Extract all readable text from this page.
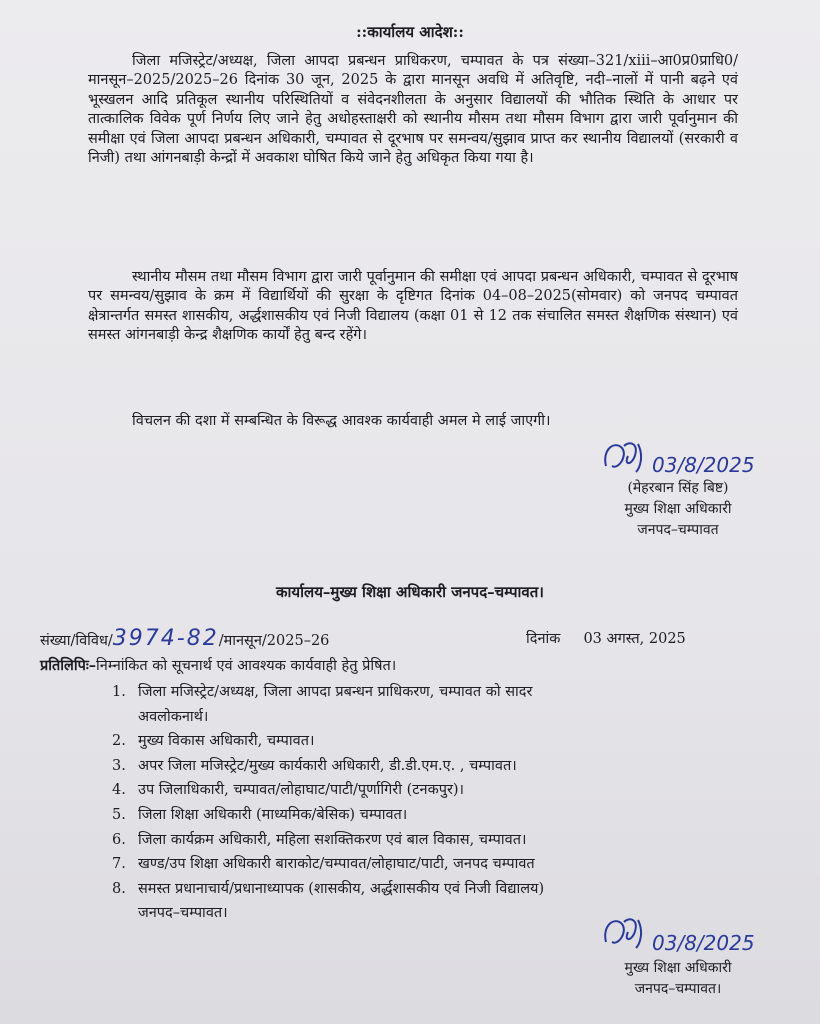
::कार्यालय आदेश::
जिला मजिस्ट्रेट/अध्यक्ष, जिला आपदा प्रबन्धन प्राधिकरण, चम्पावत के पत्र संख्या–321/xiii–आ0प्र0प्राधि0/मानसून–2025/2025–26 दिनांक 30 जून, 2025 के द्वारा मानसून अवधि में अतिवृष्टि, नदी–नालों में पानी बढ़ने एवं भूस्खलन आदि प्रतिकूल स्थानीय परिस्थितियों व संवेदनशीलता के अनुसार विद्यालयों की भौतिक स्थिति के आधार पर तात्कालिक विवेक पूर्ण निर्णय लिए जाने हेतु अधोहस्ताक्षरी को स्थानीय मौसम तथा मौसम विभाग द्वारा जारी पूर्वानुमान की समीक्षा एवं जिला आपदा प्रबन्धन अधिकारी, चम्पावत से दूरभाष पर समन्वय/सुझाव प्राप्त कर स्थानीय विद्यालयों (सरकारी व निजी) तथा आंगनबाड़ी केन्द्रों में अवकाश घोषित किये जाने हेतु अधिकृत किया गया है।
स्थानीय मौसम तथा मौसम विभाग द्वारा जारी पूर्वानुमान की समीक्षा एवं आपदा प्रबन्धन अधिकारी, चम्पावत से दूरभाष पर समन्वय/सुझाव के क्रम में विद्यार्थियों की सुरक्षा के दृष्टिगत दिनांक 04–08–2025(सोमवार) को जनपद चम्पावत क्षेत्रान्तर्गत समस्त शासकीय, अर्द्धशासकीय एवं निजी विद्यालय (कक्षा 01 से 12 तक संचालित समस्त शैक्षणिक संस्थान) एवं समस्त आंगनबाड़ी केन्द्र शैक्षणिक कार्यों हेतु बन्द रहेंगे।
विचलन की दशा में सम्बन्धित के विरूद्ध आवश्क कार्यवाही अमल मे लाई जाएगी।
03/8/2025
(मेहरबान सिंह बिष्ट)
मुख्य शिक्षा अधिकारी
जनपद–चम्पावत
कार्यालय–मुख्य शिक्षा अधिकारी जनपद–चम्पावत।
संख्या/विविध/3974-82/मानसून/2025–26	दिनांक 03 अगस्त, 2025
प्रतिलिपिः–निम्नांकित को सूचनार्थ एवं आवश्यक कार्यवाही हेतु प्रेषित।
1. जिला मजिस्ट्रेट/अध्यक्ष, जिला आपदा प्रबन्धन प्राधिकरण, चम्पावत को सादर
अवलोकनार्थ।
2. मुख्य विकास अधिकारी, चम्पावत।
3. अपर जिला मजिस्ट्रेट/मुख्य कार्यकारी अधिकारी, डी.डी.एम.ए. , चम्पावत।
4. उप जिलाधिकारी, चम्पावत/लोहाघाट/पाटी/पूर्णागिरी (टनकपुर)।
5. जिला शिक्षा अधिकारी (माध्यमिक/बेसिक) चम्पावत।
6. जिला कार्यक्रम अधिकारी, महिला सशक्तिकरण एवं बाल विकास, चम्पावत।
7. खण्ड/उप शिक्षा अधिकारी बाराकोट/चम्पावत/लोहाघाट/पाटी, जनपद चम्पावत
8. समस्त प्रधानाचार्य/प्रधानाध्यापक (शासकीय, अर्द्धशासकीय एवं निजी विद्यालय)
जनपद–चम्पावत।
03/8/2025
मुख्य शिक्षा अधिकारी
जनपद–चम्पावत।
